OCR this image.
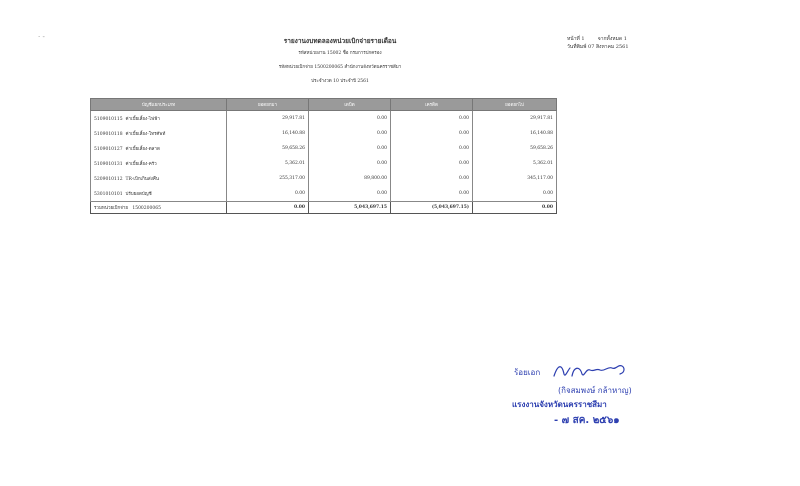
· -	หน้าที่ 1	จากทั้งหมด 1
วันที่พิมพ์ 07 สิงหาคม 2561
รายงานงบทดลองหน่วยเบิกจ่ายรายเดือน
รหัสหน่วยงาน 15002 ชื่อ กรมการปกครอง
รหัสหน่วยเบิกจ่าย 1500200065 สำนักงานจังหวัดนครราชสีมา
ประจำงวด 10 ประจำปี 2561
บัญชีแยกประเภท	ยอดยกมา	เดบิต	เครดิต	ยอดยกไป
5109010115 ค่าเบี้ยเลี้ยง-ไฟฟ้า	29,917.81	0.00	0.00	29,917.81
5109010118 ค่าเบี้ยเลี้ยง-โทรศัพท์	16,140.88	0.00	0.00	16,140.88
5109010127 ค่าเบี้ยเลี้ยง-ตลาด	59,658.26	0.00	0.00	59,658.26
5109010131 ค่าเบี้ยเลี้ยง-ครัว	5,362.01	0.00	0.00	5,362.01
5209010112 TR-เบิกเกินส่งคืน	255,317.00	89,800.00	0.00	345,117.00
5301010101 ปรับยอดบัญชี	0.00	0.00	0.00	0.00
รวมหน่วยเบิกจ่าย 1500200065	0.00	5,043,697.15	(5,043,697.15)	0.00
ร้อยเอก
(กิจสมพงษ์ กล้าหาญ)
แรงงานจังหวัดนครราชสีมา
- ๗ สค. ๒๕๖๑
